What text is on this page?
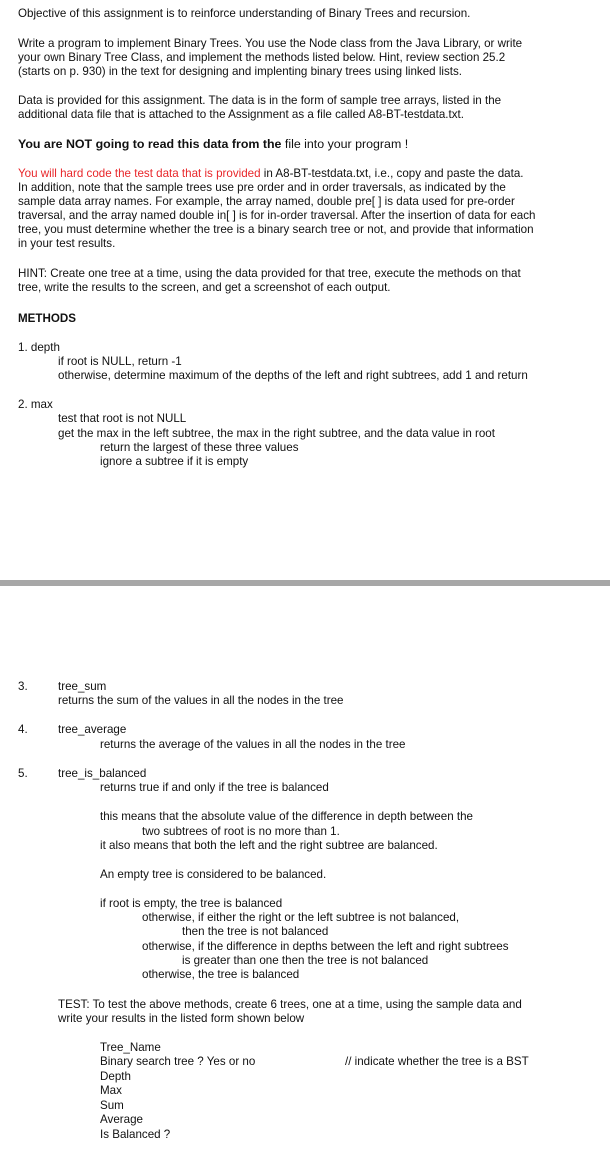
Objective of this assignment is to reinforce understanding of Binary Trees and recursion.

Write a program to implement Binary Trees. You use the Node class from the Java Library, or write
your own Binary Tree Class, and implement the methods listed below. Hint, review section 25.2
(starts on p. 930) in the text for designing and implenting binary trees using linked lists.
Data is provided for this assignment. The data is in the form of sample tree arrays, listed in the
additional data file that is attached to the Assignment as a file called A8-BT-testdata.txt.

You are NOT going to read this data from the file into your program !

You will hard code the test data that is provided in A8-BT-testdata.txt, i.e., copy and paste the data.
In addition, note that the sample trees use pre order and in order traversals, as indicated by the
sample data array names. For example, the array named, double pre[ ] is data used for pre-order
traversal, and the array named double in[ ] is for in-order traversal. After the insertion of data for each
tree, you must determine whether the tree is a binary search tree or not, and provide that information
in your test results.
HINT: Create one tree at a time, using the data provided for that tree, execute the methods on that
tree, write the results to the screen, and get a screenshot of each output.

METHODS

1. depth

if root is NULL, return -1

otherwise, determine maximum of the depths of the left and right subtrees, add 1 and return

2. max

test that root is not NULL

get the max in the left subtree, the max in the right subtree, and the data value in root

return the largest of these three values

ignore a subtree if it is empty

3.	tree_sum

returns the sum of the values in all the nodes in the tree

4.	tree_average

returns the average of the values in all the nodes in the tree

5.	tree_is_balanced

returns true if and only if the tree is balanced

this means that the absolute value of the difference in depth between the

two subtrees of root is no more than 1.

it also means that both the left and the right subtree are balanced.

An empty tree is considered to be balanced.

if root is empty, the tree is balanced

otherwise, if either the right or the left subtree is not balanced,

then the tree is not balanced

otherwise, if the difference in depths between the left and right subtrees

is greater than one then the tree is not balanced

otherwise, the tree is balanced

TEST: To test the above methods, create 6 trees, one at a time, using the sample data and

write your results in the listed form shown below

Tree_Name

Binary search tree ? Yes or no	// indicate whether the tree is a BST

Depth

Max

Sum

Average

Is Balanced ?
